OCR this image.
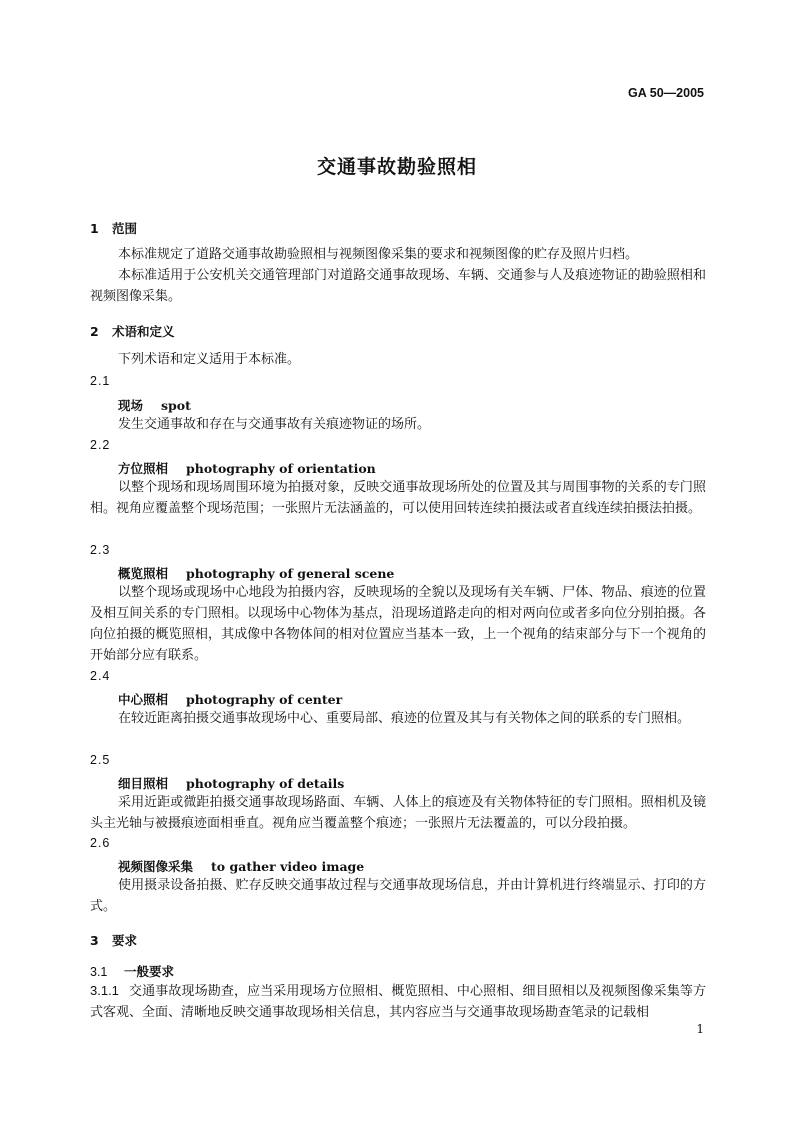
GA 50—2005
交通事故勘验照相
1 范围
本标准规定了道路交通事故勘验照相与视频图像采集的要求和视频图像的贮存及照片归档。
本标准适用于公安机关交通管理部门对道路交通事故现场、车辆、交通参与人及痕迹物证的勘验照相和视频图像采集。
2 术语和定义
下列术语和定义适用于本标准。
2.1
现场 spot
发生交通事故和存在与交通事故有关痕迹物证的场所。
2.2
方位照相 photography of orientation
以整个现场和现场周围环境为拍摄对象，反映交通事故现场所处的位置及其与周围事物的关系的专门照相。视角应覆盖整个现场范围；一张照片无法涵盖的，可以使用回转连续拍摄法或者直线连续拍摄法拍摄。
2.3
概览照相 photography of general scene
以整个现场或现场中心地段为拍摄内容，反映现场的全貌以及现场有关车辆、尸体、物品、痕迹的位置及相互间关系的专门照相。以现场中心物体为基点，沿现场道路走向的相对两向位或者多向位分别拍摄。各向位拍摄的概览照相，其成像中各物体间的相对位置应当基本一致，上一个视角的结束部分与下一个视角的开始部分应有联系。
2.4
中心照相 photography of center
在较近距离拍摄交通事故现场中心、重要局部、痕迹的位置及其与有关物体之间的联系的专门照相。
2.5
细目照相 photography of details
采用近距或微距拍摄交通事故现场路面、车辆、人体上的痕迹及有关物体特征的专门照相。照相机及镜头主光轴与被摄痕迹面相垂直。视角应当覆盖整个痕迹；一张照片无法覆盖的，可以分段拍摄。
2.6
视频图像采集 to gather video image
使用摄录设备拍摄、贮存反映交通事故过程与交通事故现场信息，并由计算机进行终端显示、打印的方式。
3 要求
3.1 一般要求
3.1.1 交通事故现场勘查，应当采用现场方位照相、概览照相、中心照相、细目照相以及视频图像采集等方式客观、全面、清晰地反映交通事故现场相关信息，其内容应当与交通事故现场勘查笔录的记载相
1
